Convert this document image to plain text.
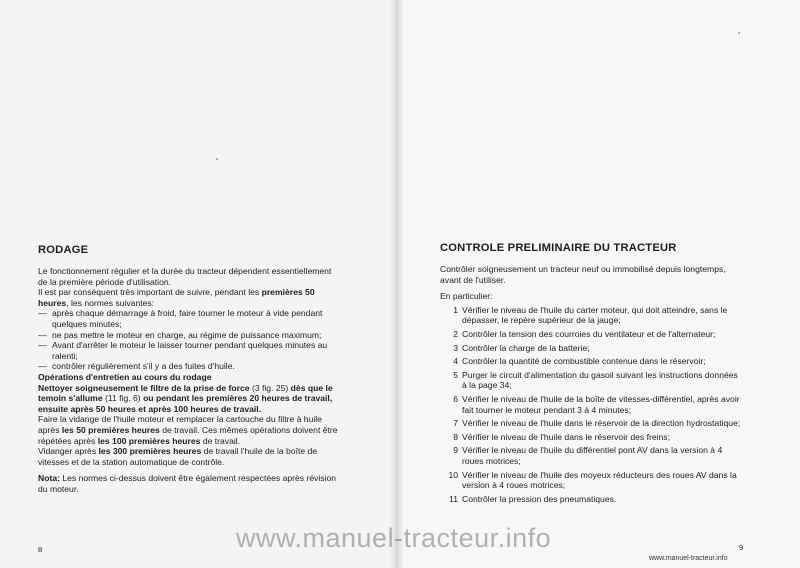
RODAGE

Le fonctionnement régulier et la durée du tracteur dépendent essentiellement de la première période d'utilisation.

Il est par conséquent très important de suivre, pendant les premières 50 heures, les normes suivantes:

— après chaque démarrage à froid, faire tourner le moteur à vide pendant quelques minutes;
— ne pas mettre le moteur en charge, au régime de puissance maximum;
— Avant d'arrêter le moteur le laisser tourner pendant quelques minutes au ralenti;
— contrôler régulièrement s'il y a des fuites d'huile.

Opérations d'entretien au cours du rodage

Nettoyer soigneusement le filtre de la prise de force (3 fig. 25) dès que le temoin s'allume (11 fig. 6) ou pendant les premières 20 heures de travail, ensuite après 50 heures et après 100 heures de travail.

Faire la vidange de l'huile moteur et remplacer la cartouche du filtre à huile après les 50 premières heures de travail. Ces mêmes opérations doivent être répétées après les 100 premières heures de travail.

Vidanger après les 300 premières heures de travail l'huile de la boîte de vitesses et de la station automatique de contrôle.

Nota: Les normes ci-dessus doivent être également respectées après révision du moteur.

8
CONTROLE PRELIMINAIRE DU TRACTEUR

Contrôler soigneusement un tracteur neuf ou immobilisé depuis longtemps, avant de l'utiliser.

En particulier:

1 Vérifier le niveau de l'huile du carter moteur, qui doit atteindre, sans le dépasser, le repère supérieur de la jauge;
2 Contrôler la tension des courroies du ventilateur et de l'alternateur;
3 Contrôler la charge de la batterie;
4 Contrôler la quantité de combustible contenue dans le réservoir;
5 Purger le circuit d'alimentation du gasoil suivant les instructions données à la page 34;
6 Vérifier le niveau de l'huile de la boîte de vitesses-différentiel, après avoir fait tourner le moteur pendant 3 à 4 minutes;
7 Vérifier le niveau de l'huile dans le réservoir de la direction hydrostatique;
8 Vérifier le niveau de l'huile dans le réservoir des freins;
9 Vérifier le niveau de l'huile du différentiel pont AV dans la version à 4 roues motrices;
10 Vérifier le niveau de l'huile des moyeux réducteurs des roues AV dans la version à 4 roues motrices;
11 Contrôler la pression des pneumatiques.
9
www.manuel-tracteur.info
www.manuel-tracteur.info
